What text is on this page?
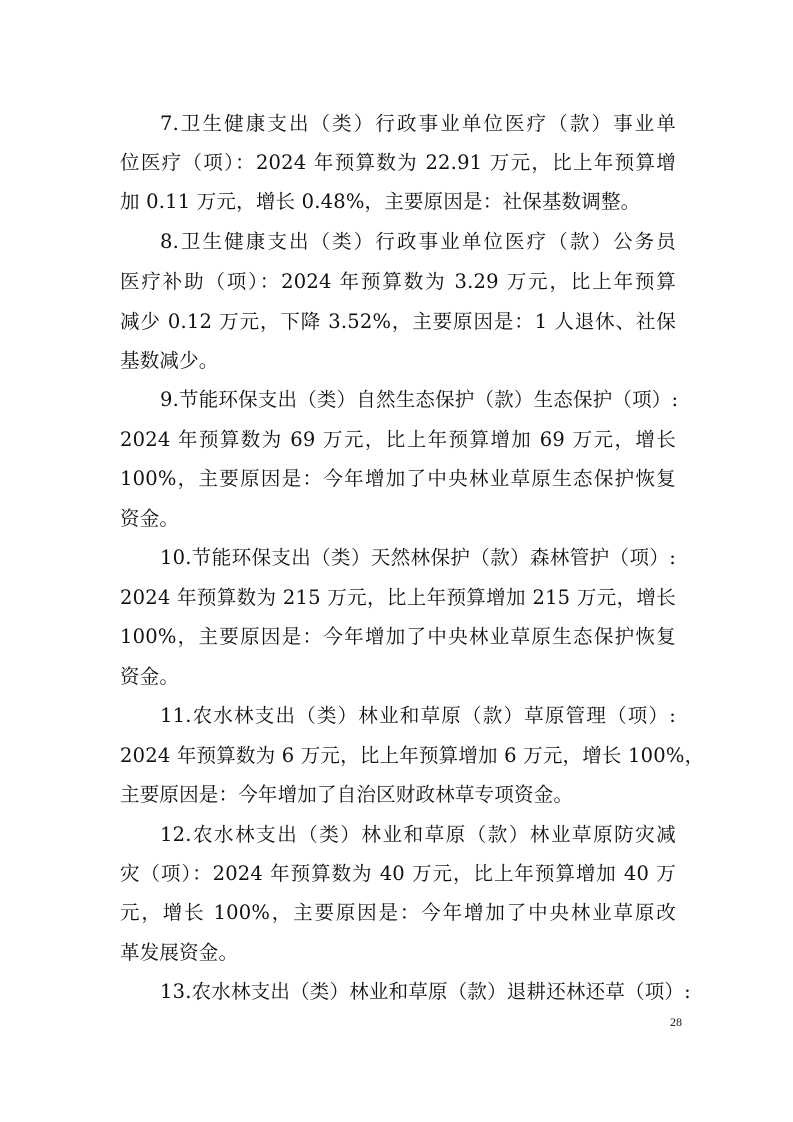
7.卫生健康支出（类）行政事业单位医疗（款）事业单
位医疗（项）：2024 年预算数为 22.91 万元，比上年预算增
加 0.11 万元，增长 0.48%，主要原因是：社保基数调整。
8.卫生健康支出（类）行政事业单位医疗（款）公务员
医疗补助（项）：2024 年预算数为 3.29 万元，比上年预算
减少 0.12 万元，下降 3.52%，主要原因是：1 人退休、社保
基数减少。
9.节能环保支出（类）自然生态保护（款）生态保护（项）:
2024 年预算数为 69 万元，比上年预算增加 69 万元，增长
100%，主要原因是：今年增加了中央林业草原生态保护恢复
资金。
10.节能环保支出（类）天然林保护（款）森林管护（项）:
2024 年预算数为 215 万元，比上年预算增加 215 万元，增长
100%，主要原因是：今年增加了中央林业草原生态保护恢复
资金。
11.农水林支出（类）林业和草原（款）草原管理（项）:
2024 年预算数为 6 万元，比上年预算增加 6 万元，增长 100%，
主要原因是：今年增加了自治区财政林草专项资金。
12.农水林支出（类）林业和草原（款）林业草原防灾减
灾（项）：2024 年预算数为 40 万元，比上年预算增加 40 万
元，增长 100%，主要原因是：今年增加了中央林业草原改
革发展资金。
13.农水林支出（类）林业和草原（款）退耕还林还草（项）:
28
